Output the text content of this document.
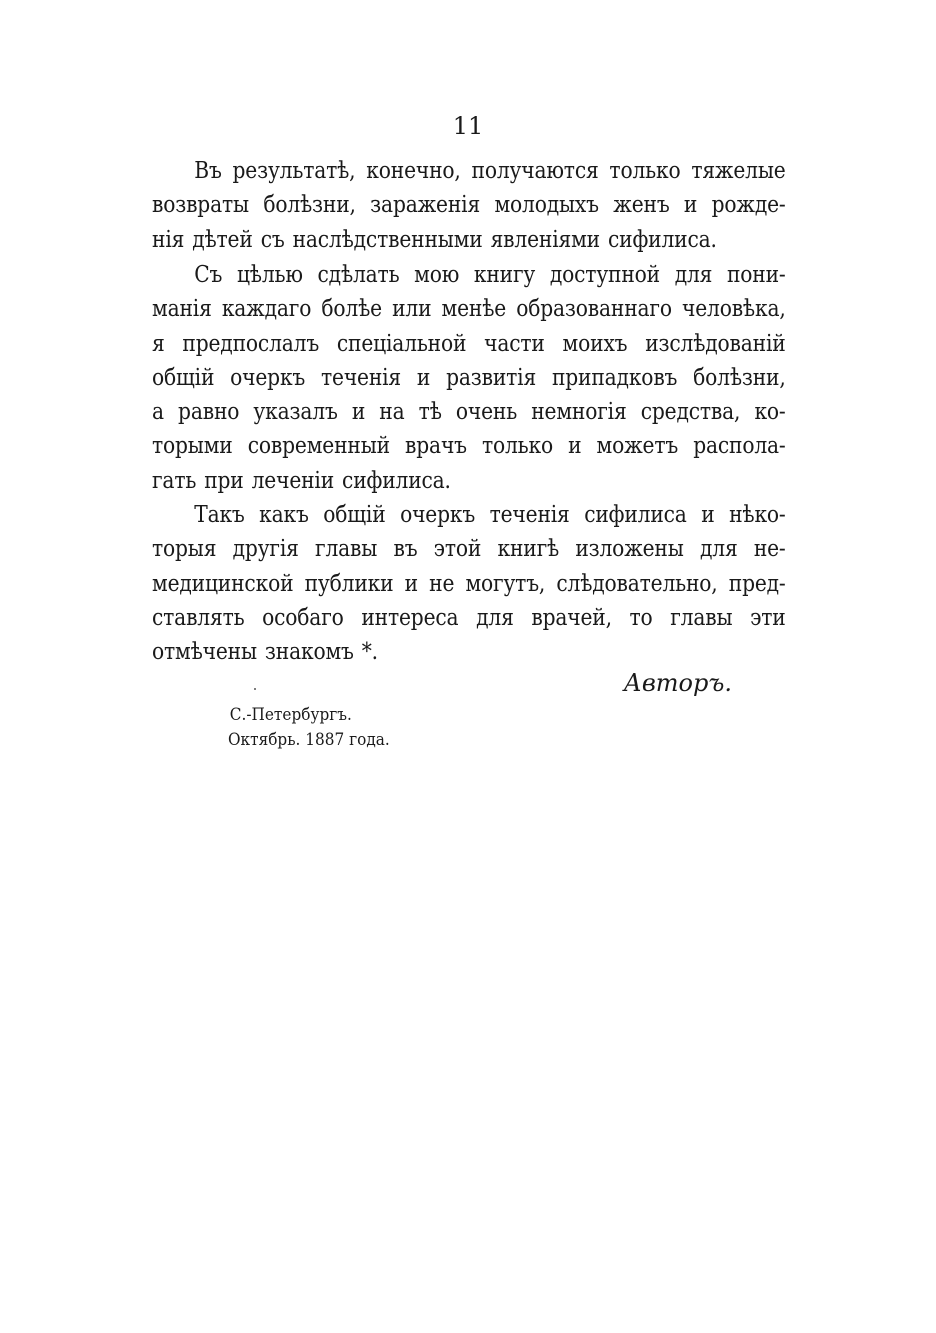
11

Въ результатѣ, конечно, получаются только тяжелые
возвраты болѣзни, зараженія молодыхъ женъ и рожде-
нія дѣтей съ наслѣдственными явленіями сифилиса.

Съ цѣлью сдѣлать мою книгу доступной для пони-
манія каждаго болѣе или менѣе образованнаго человѣка,
я предпослалъ спеціальной части моихъ изслѣдованій
общій очеркъ теченія и развитія припадковъ болѣзни,
а равно указалъ и на тѣ очень немногія средства, ко-
торыми современный врачъ только и можетъ распола-
гать при леченіи сифилиса.

Такъ какъ общій очеркъ теченія сифилиса и нѣко-
торыя другія главы въ этой книгѣ изложены для не-
медицинской публики и не могутъ, слѣдовательно, пред-
ставлять особаго интереса для врачей, то главы эти
отмѣчены знакомъ *.

Авторъ.
С.-Петербургъ.
Октябрь. 1887 года.
